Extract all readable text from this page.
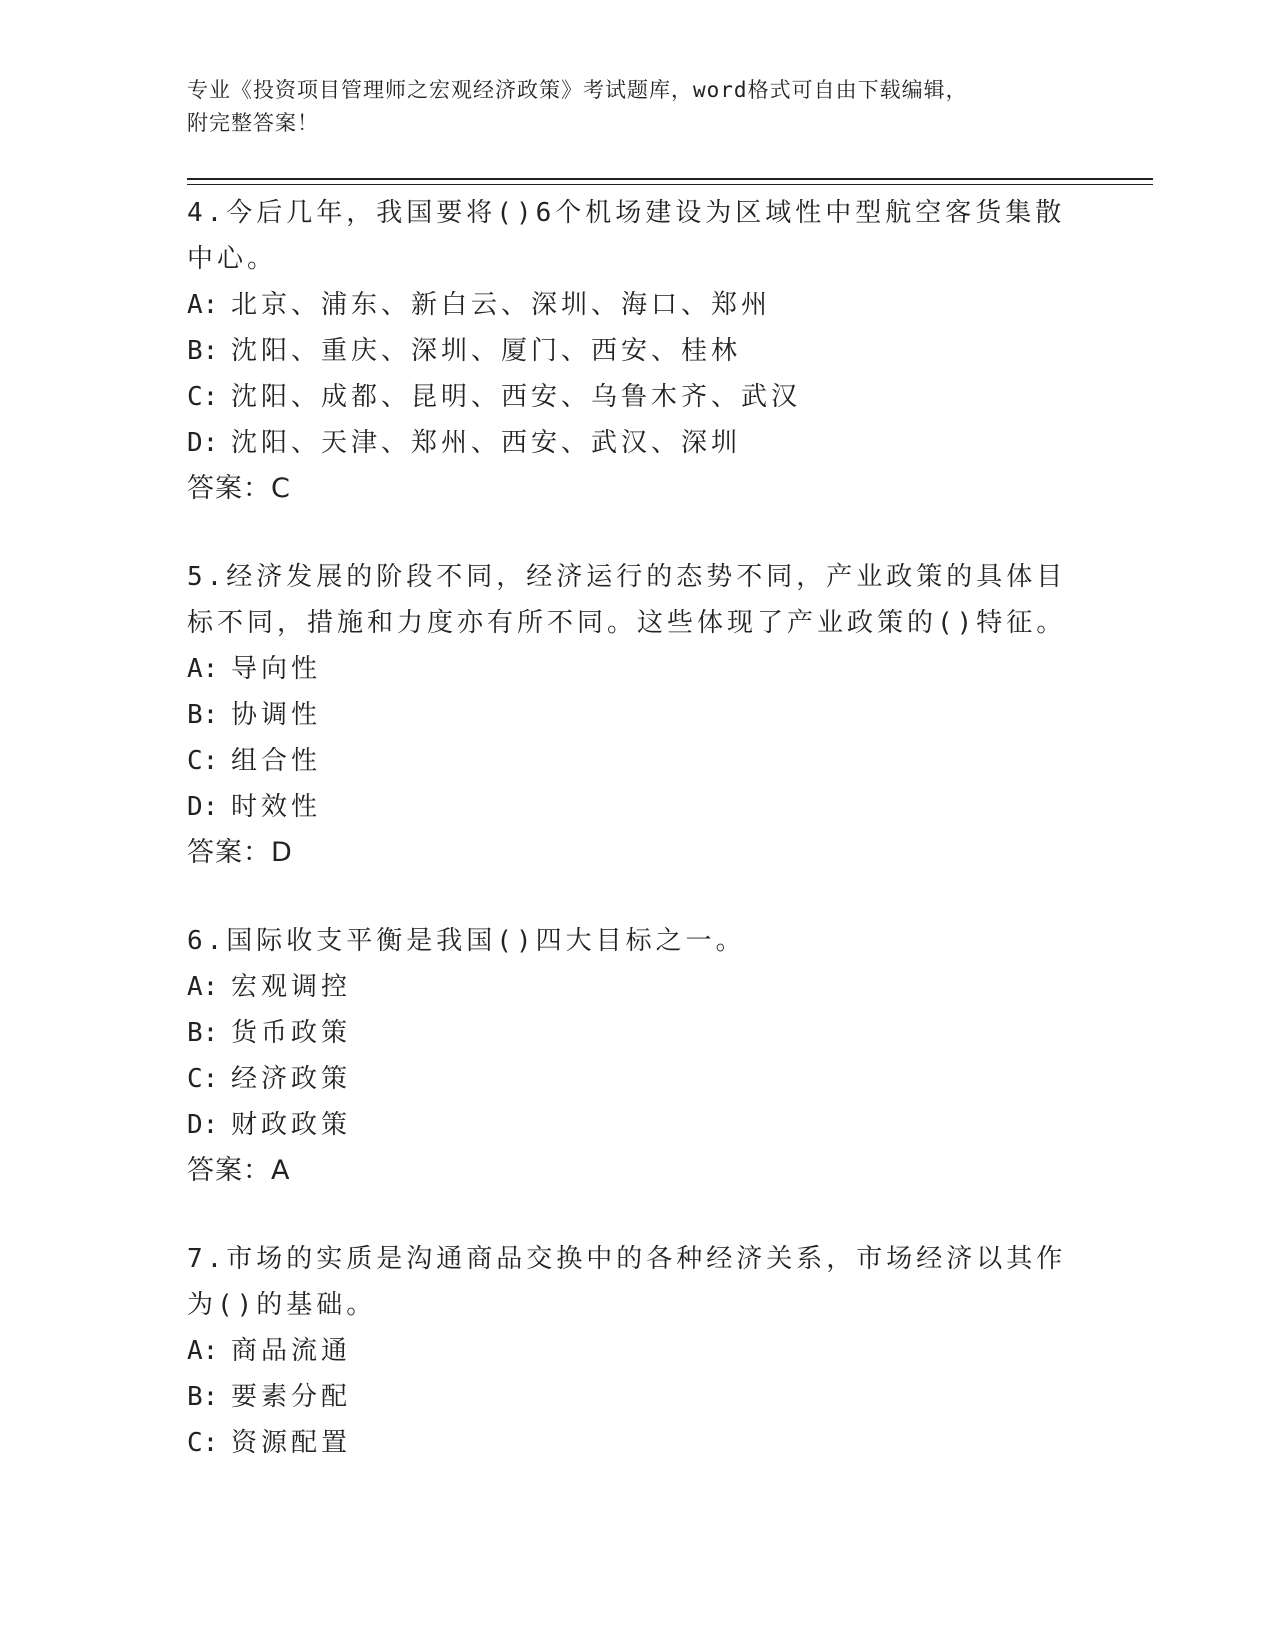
专业《投资项目管理师之宏观经济政策》考试题库，word格式可自由下载编辑，
附完整答案！
4.今后几年，我国要将()6个机场建设为区域性中型航空客货集散中心。
A: 北京、浦东、新白云、深圳、海口、郑州
B: 沈阳、重庆、深圳、厦门、西安、桂林
C: 沈阳、成都、昆明、西安、乌鲁木齐、武汉
D: 沈阳、天津、郑州、西安、武汉、深圳
答案：C
5.经济发展的阶段不同，经济运行的态势不同，产业政策的具体目标不同，措施和力度亦有所不同。这些体现了产业政策的()特征。
A: 导向性
B: 协调性
C: 组合性
D: 时效性
答案：D
6.国际收支平衡是我国()四大目标之一。
A: 宏观调控
B: 货币政策
C: 经济政策
D: 财政政策
答案：A
7.市场的实质是沟通商品交换中的各种经济关系，市场经济以其作为()的基础。
A: 商品流通
B: 要素分配
C: 资源配置
